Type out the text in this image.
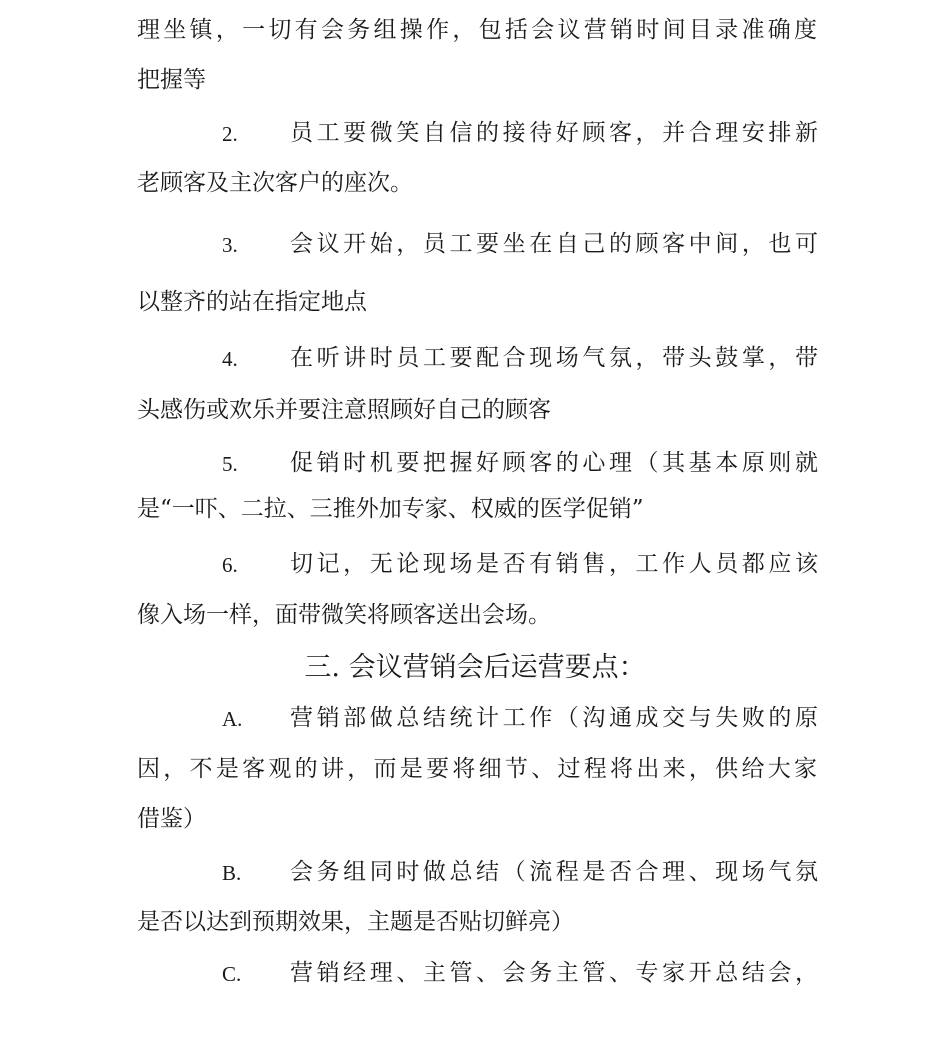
理坐镇，一切有会务组操作，包括会议营销时间目录准确度
把握等
2. 员工要微笑自信的接待好顾客，并合理安排新
老顾客及主次客户的座次。
3. 会议开始，员工要坐在自己的顾客中间，也可
以整齐的站在指定地点
4. 在听讲时员工要配合现场气氛，带头鼓掌，带
头感伤或欢乐并要注意照顾好自己的顾客
5. 促销时机要把握好顾客的心理（其基本原则就
是“一吓、二拉、三推外加专家、权威的医学促销”
6. 切记，无论现场是否有销售，工作人员都应该
像入场一样，面带微笑将顾客送出会场。
三. 会议营销会后运营要点：
A. 营销部做总结统计工作（沟通成交与失败的原
因，不是客观的讲，而是要将细节、过程将出来，供给大家
借鉴）
B. 会务组同时做总结（流程是否合理、现场气氛
是否以达到预期效果，主题是否贴切鲜亮）
C. 营销经理、主管、会务主管、专家开总结会，
